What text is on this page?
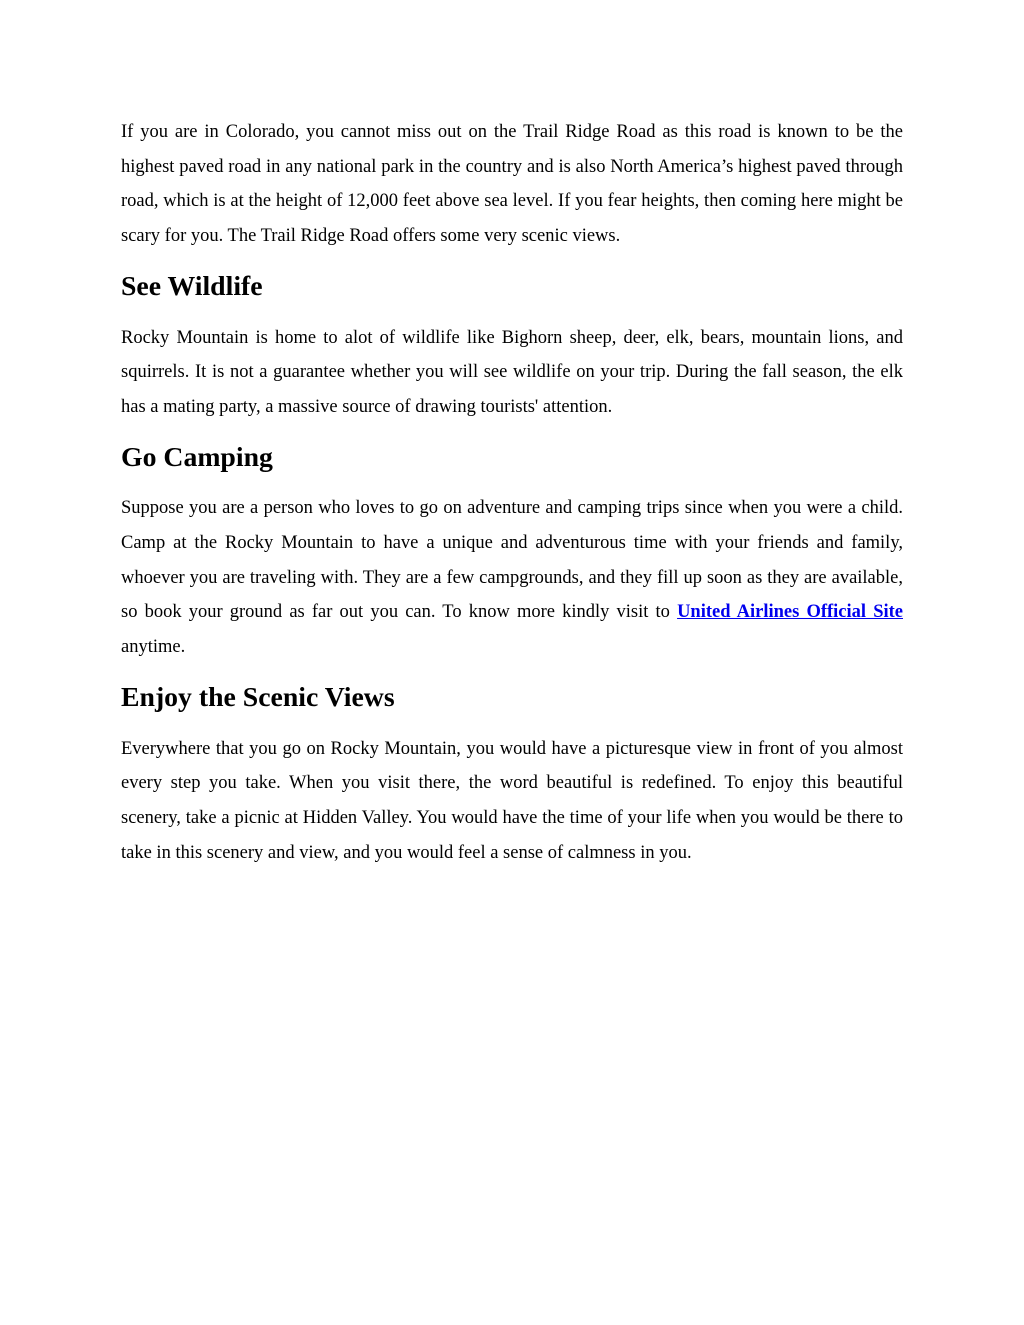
If you are in Colorado, you cannot miss out on the Trail Ridge Road as this road is known to be the highest paved road in any national park in the country and is also North America’s highest paved through road, which is at the height of 12,000 feet above sea level. If you fear heights, then coming here might be scary for you. The Trail Ridge Road offers some very scenic views.

See Wildlife

Rocky Mountain is home to alot of wildlife like Bighorn sheep, deer, elk, bears, mountain lions, and squirrels. It is not a guarantee whether you will see wildlife on your trip. During the fall season, the elk has a mating party, a massive source of drawing tourists' attention.

Go Camping

Suppose you are a person who loves to go on adventure and camping trips since when you were a child. Camp at the Rocky Mountain to have a unique and adventurous time with your friends and family, whoever you are traveling with. They are a few campgrounds, and they fill up soon as they are available, so book your ground as far out you can. To know more kindly visit to United Airlines Official Site anytime.

Enjoy the Scenic Views

Everywhere that you go on Rocky Mountain, you would have a picturesque view in front of you almost every step you take. When you visit there, the word beautiful is redefined. To enjoy this beautiful scenery, take a picnic at Hidden Valley. You would have the time of your life when you would be there to take in this scenery and view, and you would feel a sense of calmness in you.
